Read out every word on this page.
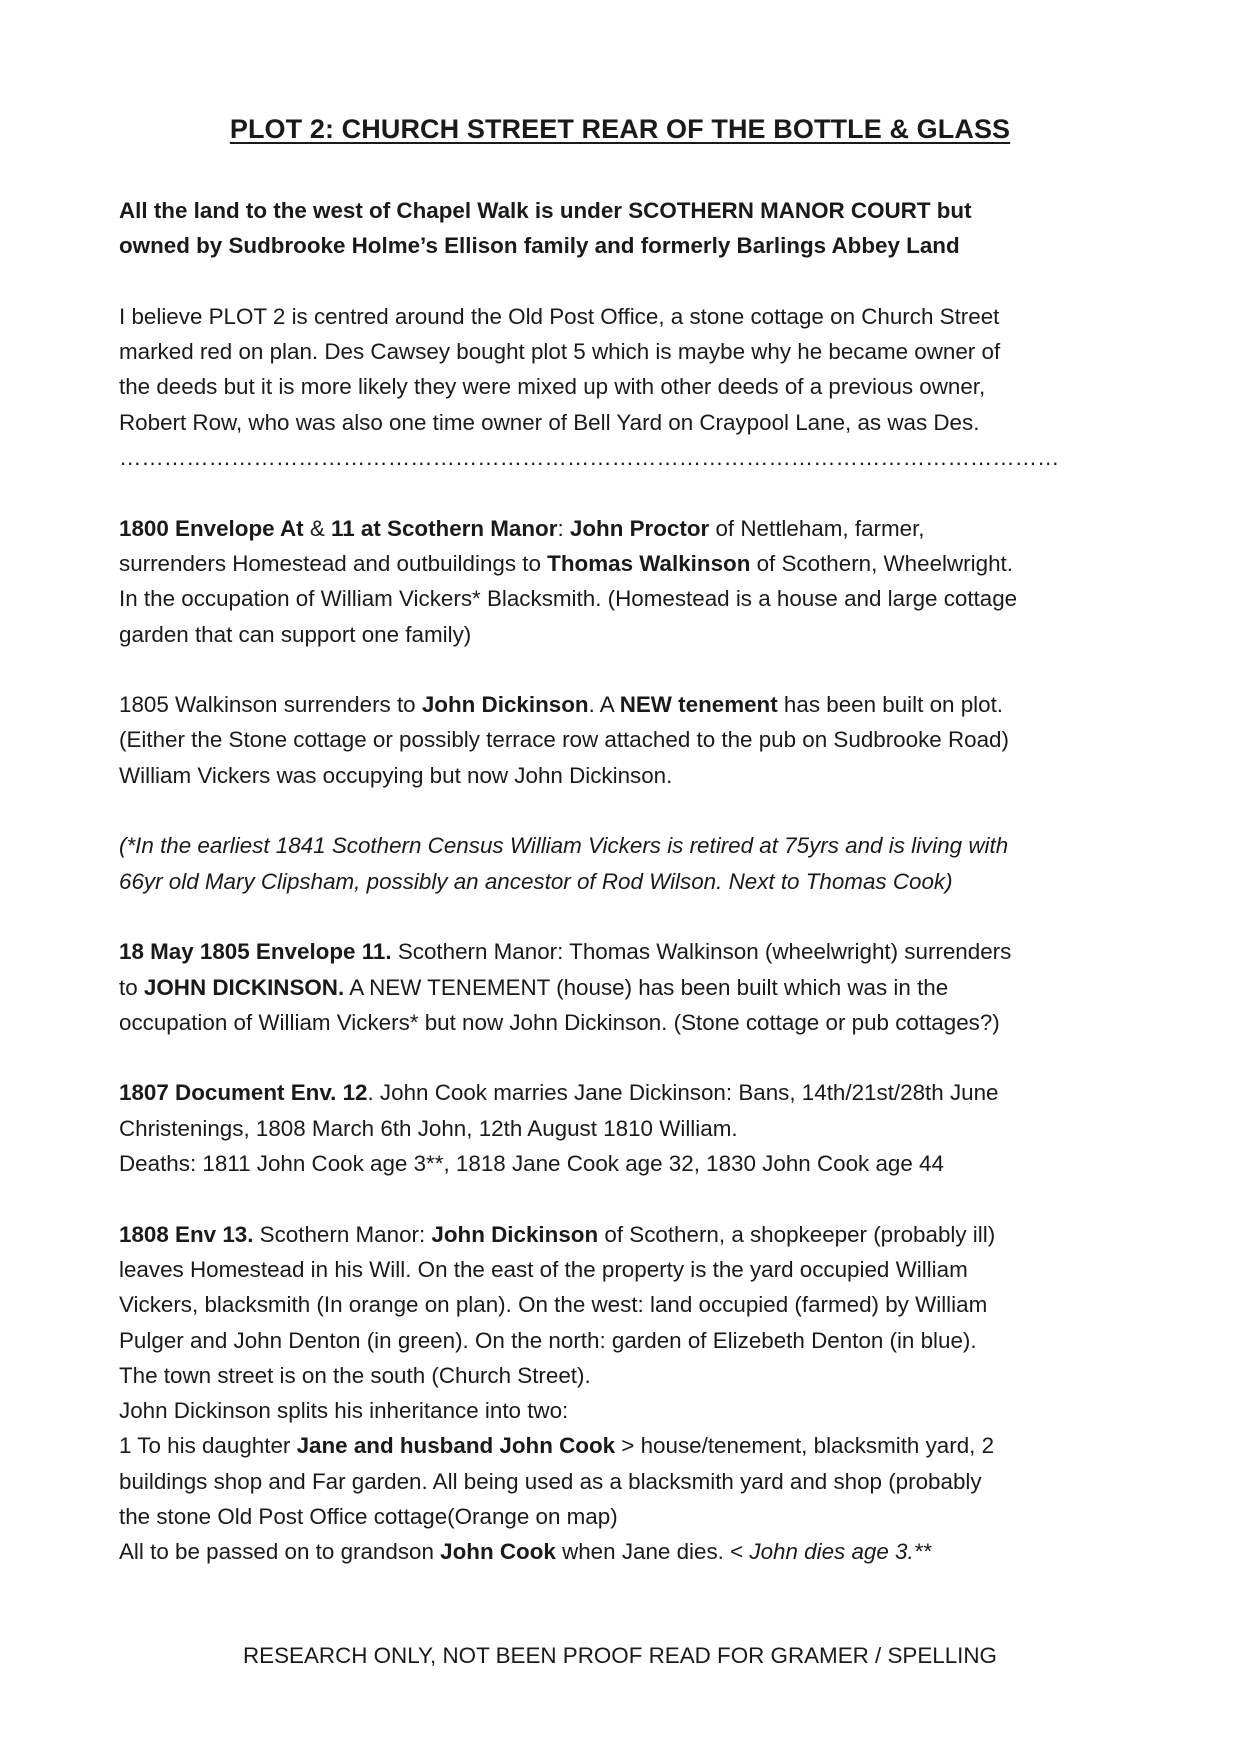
PLOT 2: CHURCH STREET REAR OF THE BOTTLE & GLASS

All the land to the west of Chapel Walk is under SCOTHERN MANOR COURT but
owned by Sudbrooke Holme’s Ellison family and formerly Barlings Abbey Land

I believe PLOT 2 is centred around the Old Post Office, a stone cottage on Church Street
marked red on plan. Des Cawsey bought plot 5 which is maybe why he became owner of
the deeds but it is more likely they were mixed up with other deeds of a previous owner,
Robert Row, who was also one time owner of Bell Yard on Craypool Lane, as was Des.

………………………………………………………………………………………………………………

1800 Envelope At & 11 at Scothern Manor: John Proctor of Nettleham, farmer,
surrenders Homestead and outbuildings to Thomas Walkinson of Scothern, Wheelwright.
In the occupation of William Vickers* Blacksmith. (Homestead is a house and large cottage
garden that can support one family)

1805 Walkinson surrenders to John Dickinson. A NEW tenement has been built on plot.
(Either the Stone cottage or possibly terrace row attached to the pub on Sudbrooke Road)
William Vickers was occupying but now John Dickinson.

(*In the earliest 1841 Scothern Census William Vickers is retired at 75yrs and is living with
66yr old Mary Clipsham, possibly an ancestor of Rod Wilson. Next to Thomas Cook)

18 May 1805 Envelope 11. Scothern Manor: Thomas Walkinson (wheelwright) surrenders
to JOHN DICKINSON. A NEW TENEMENT (house) has been built which was in the
occupation of William Vickers* but now John Dickinson. (Stone cottage or pub cottages?)

1807 Document Env. 12. John Cook marries Jane Dickinson: Bans, 14th/21st/28th June
Christenings, 1808 March 6th John, 12th August 1810 William.
Deaths: 1811 John Cook age 3**, 1818 Jane Cook age 32, 1830 John Cook age 44

1808 Env 13. Scothern Manor: John Dickinson of Scothern, a shopkeeper (probably ill)
leaves Homestead in his Will. On the east of the property is the yard occupied William
Vickers, blacksmith (In orange on plan). On the west: land occupied (farmed) by William
Pulger and John Denton (in green). On the north: garden of Elizebeth Denton (in blue).
The town street is on the south (Church Street).
John Dickinson splits his inheritance into two:
1 To his daughter Jane and husband John Cook > house/tenement, blacksmith yard, 2
buildings shop and Far garden. All being used as a blacksmith yard and shop (probably
the stone Old Post Office cottage(Orange on map)
All to be passed on to grandson John Cook when Jane dies. < John dies age 3.**

RESEARCH ONLY, NOT BEEN PROOF READ FOR GRAMER / SPELLING
